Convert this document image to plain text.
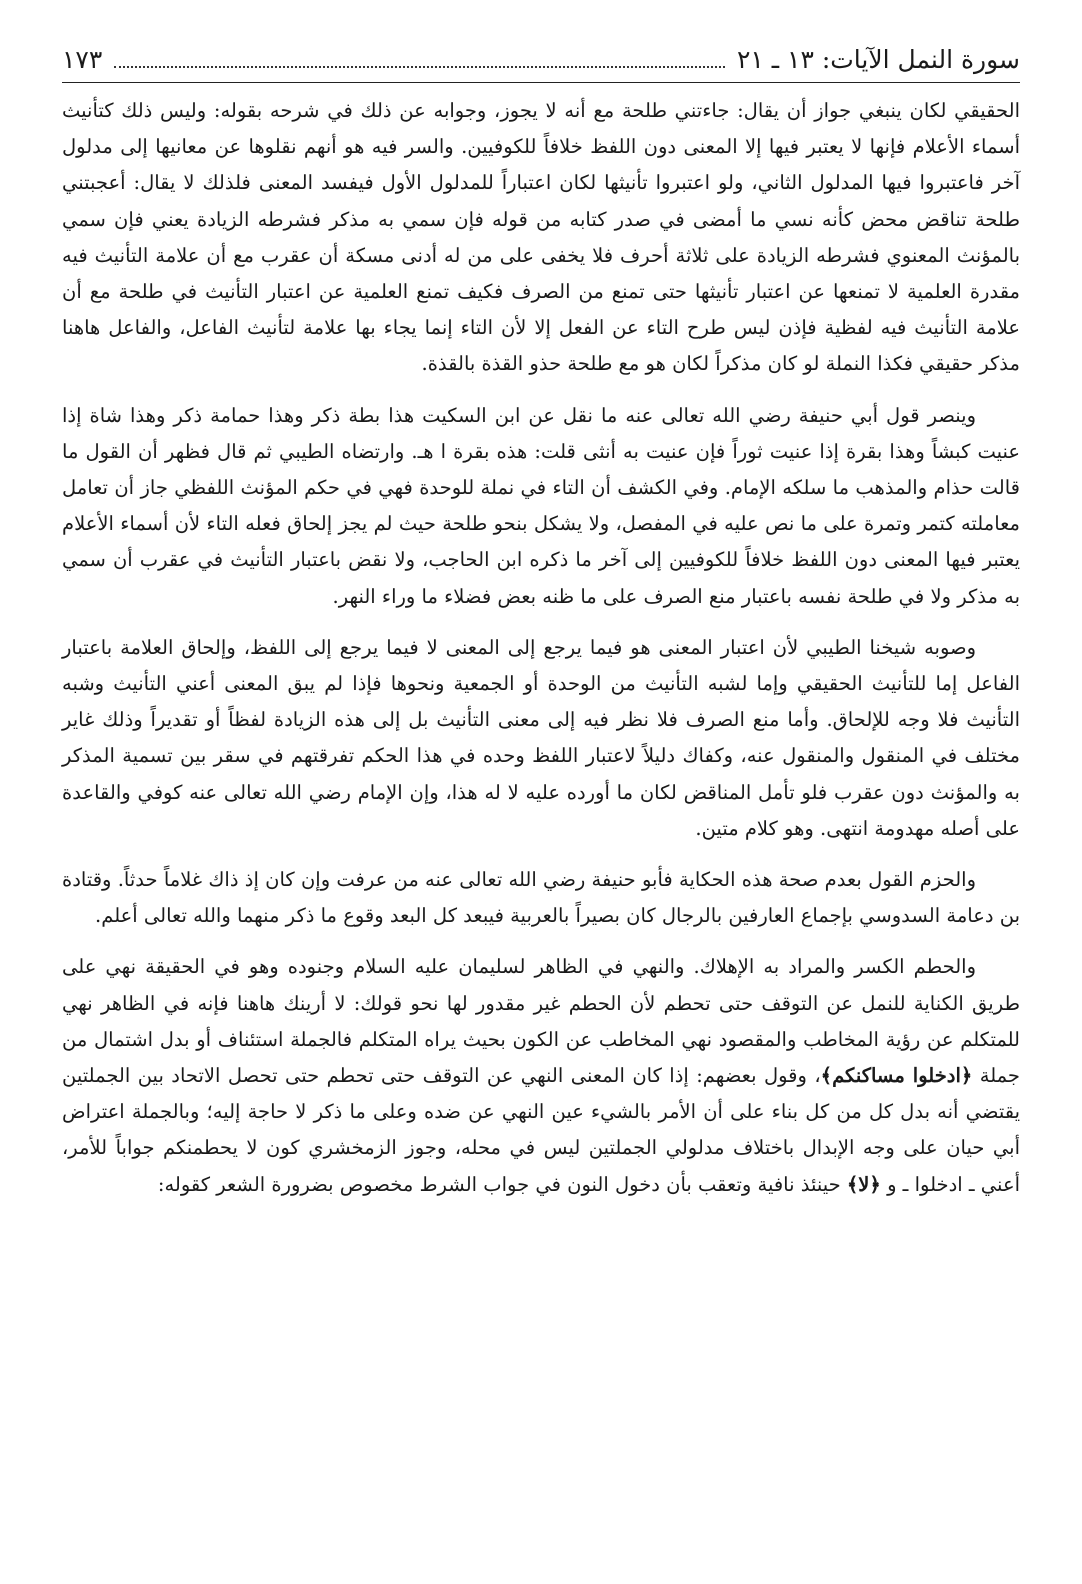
سورة النمل الآيات: ١٣ ـ ٢١
١٧٣

الحقيقي لكان ينبغي جواز أن يقال: جاءتني طلحة مع أنه لا يجوز، وجوابه عن ذلك في شرحه بقوله: وليس ذلك كتأنيث أسماء الأعلام فإنها لا يعتبر فيها إلا المعنى دون اللفظ خلافاً للكوفيين. والسر فيه هو أنهم نقلوها عن معانيها إلى مدلول آخر فاعتبروا فيها المدلول الثاني، ولو اعتبروا تأنيثها لكان اعتباراً للمدلول الأول فيفسد المعنى فلذلك لا يقال: أعجبتني طلحة تناقض محض كأنه نسي ما أمضى في صدر كتابه من قوله فإن سمي به مذكر فشرطه الزيادة يعني فإن سمي بالمؤنث المعنوي فشرطه الزيادة على ثلاثة أحرف فلا يخفى على من له أدنى مسكة أن عقرب مع أن علامة التأنيث فيه مقدرة العلمية لا تمنعها عن اعتبار تأنيثها حتى تمنع من الصرف فكيف تمنع العلمية عن اعتبار التأنيث في طلحة مع أن علامة التأنيث فيه لفظية فإذن ليس طرح التاء عن الفعل إلا لأن التاء إنما يجاء بها علامة لتأنيث الفاعل، والفاعل هاهنا مذكر حقيقي فكذا النملة لو كان مذكراً لكان هو مع طلحة حذو القذة بالقذة.

وينصر قول أبي حنيفة رضي الله تعالى عنه ما نقل عن ابن السكيت هذا بطة ذكر وهذا حمامة ذكر وهذا شاة إذا عنيت كبشاً وهذا بقرة إذا عنيت ثوراً فإن عنيت به أنثى قلت: هذه بقرة ا هـ. وارتضاه الطيبي ثم قال فظهر أن القول ما قالت حذام والمذهب ما سلكه الإمام. وفي الكشف أن التاء في نملة للوحدة فهي في حكم المؤنث اللفظي جاز أن تعامل معاملته كتمر وتمرة على ما نص عليه في المفصل، ولا يشكل بنحو طلحة حيث لم يجز إلحاق فعله التاء لأن أسماء الأعلام يعتبر فيها المعنى دون اللفظ خلافاً للكوفيين إلى آخر ما ذكره ابن الحاجب، ولا نقض باعتبار التأنيث في عقرب أن سمي به مذكر ولا في طلحة نفسه باعتبار منع الصرف على ما ظنه بعض فضلاء ما وراء النهر.

وصوبه شيخنا الطيبي لأن اعتبار المعنى هو فيما يرجع إلى المعنى لا فيما يرجع إلى اللفظ، وإلحاق العلامة باعتبار الفاعل إما للتأنيث الحقيقي وإما لشبه التأنيث من الوحدة أو الجمعية ونحوها فإذا لم يبق المعنى أعني التأنيث وشبه التأنيث فلا وجه للإلحاق. وأما منع الصرف فلا نظر فيه إلى معنى التأنيث بل إلى هذه الزيادة لفظاً أو تقديراً وذلك غاير مختلف في المنقول والمنقول عنه، وكفاك دليلاً لاعتبار اللفظ وحده في هذا الحكم تفرقتهم في سقر بين تسمية المذكر به والمؤنث دون عقرب فلو تأمل المناقض لكان ما أورده عليه لا له هذا، وإن الإمام رضي الله تعالى عنه كوفي والقاعدة على أصله مهدومة انتهى. وهو كلام متين.

والحزم القول بعدم صحة هذه الحكاية فأبو حنيفة رضي الله تعالى عنه من عرفت وإن كان إذ ذاك غلاماً حدثاً. وقتادة بن دعامة السدوسي بإجماع العارفين بالرجال كان بصيراً بالعربية فيبعد كل البعد وقوع ما ذكر منهما والله تعالى أعلم.

والحطم الكسر والمراد به الإهلاك. والنهي في الظاهر لسليمان عليه السلام وجنوده وهو في الحقيقة نهي على طريق الكناية للنمل عن التوقف حتى تحطم لأن الحطم غير مقدور لها نحو قولك: لا أرينك هاهنا فإنه في الظاهر نهي للمتكلم عن رؤية المخاطب والمقصود نهي المخاطب عن الكون بحيث يراه المتكلم فالجملة استئناف أو بدل اشتمال من جملة ﴿ادخلوا مساكنكم﴾، وقول بعضهم: إذا كان المعنى النهي عن التوقف حتى تحطم حتى تحصل الاتحاد بين الجملتين يقتضي أنه بدل كل من كل بناء على أن الأمر بالشيء عين النهي عن ضده وعلى ما ذكر لا حاجة إليه؛ وبالجملة اعتراض أبي حيان على وجه الإبدال باختلاف مدلولي الجملتين ليس في محله، وجوز الزمخشري كون لا يحطمنكم جواباً للأمر، أعني ـ ادخلوا ـ و ﴿لا﴾ حينئذ نافية وتعقب بأن دخول النون في جواب الشرط مخصوص بضرورة الشعر كقوله:
